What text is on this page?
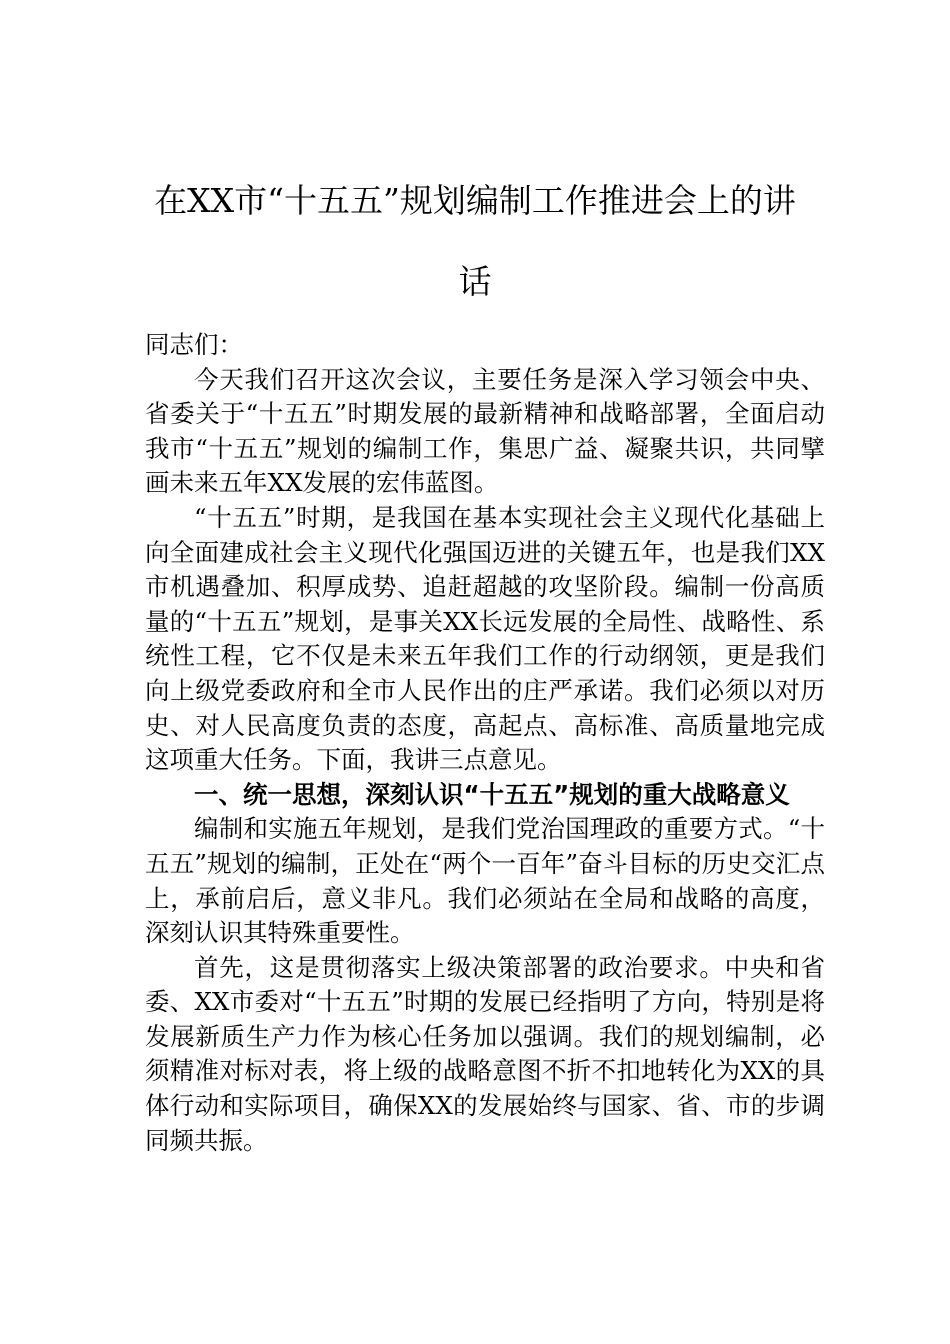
在XX市“十五五”规划编制工作推进会上的讲话

同志们：

今天我们召开这次会议，主要任务是深入学习领会中央、省委关于“十五五”时期发展的最新精神和战略部署，全面启动我市“十五五”规划的编制工作，集思广益、凝聚共识，共同擘画未来五年XX发展的宏伟蓝图。

“十五五”时期，是我国在基本实现社会主义现代化基础上向全面建成社会主义现代化强国迈进的关键五年，也是我们XX市机遇叠加、积厚成势、追赶超越的攻坚阶段。编制一份高质量的“十五五”规划，是事关XX长远发展的全局性、战略性、系统性工程，它不仅是未来五年我们工作的行动纲领，更是我们向上级党委政府和全市人民作出的庄严承诺。我们必须以对历史、对人民高度负责的态度，高起点、高标准、高质量地完成这项重大任务。下面，我讲三点意见。

一、统一思想，深刻认识“十五五”规划的重大战略意义

编制和实施五年规划，是我们党治国理政的重要方式。“十五五”规划的编制，正处在“两个一百年”奋斗目标的历史交汇点上，承前启后，意义非凡。我们必须站在全局和战略的高度，深刻认识其特殊重要性。

首先，这是贯彻落实上级决策部署的政治要求。中央和省委、XX市委对“十五五”时期的发展已经指明了方向，特别是将发展新质生产力作为核心任务加以强调。我们的规划编制，必须精准对标对表，将上级的战略意图不折不扣地转化为XX的具体行动和实际项目，确保XX的发展始终与国家、省、市的步调同频共振。
